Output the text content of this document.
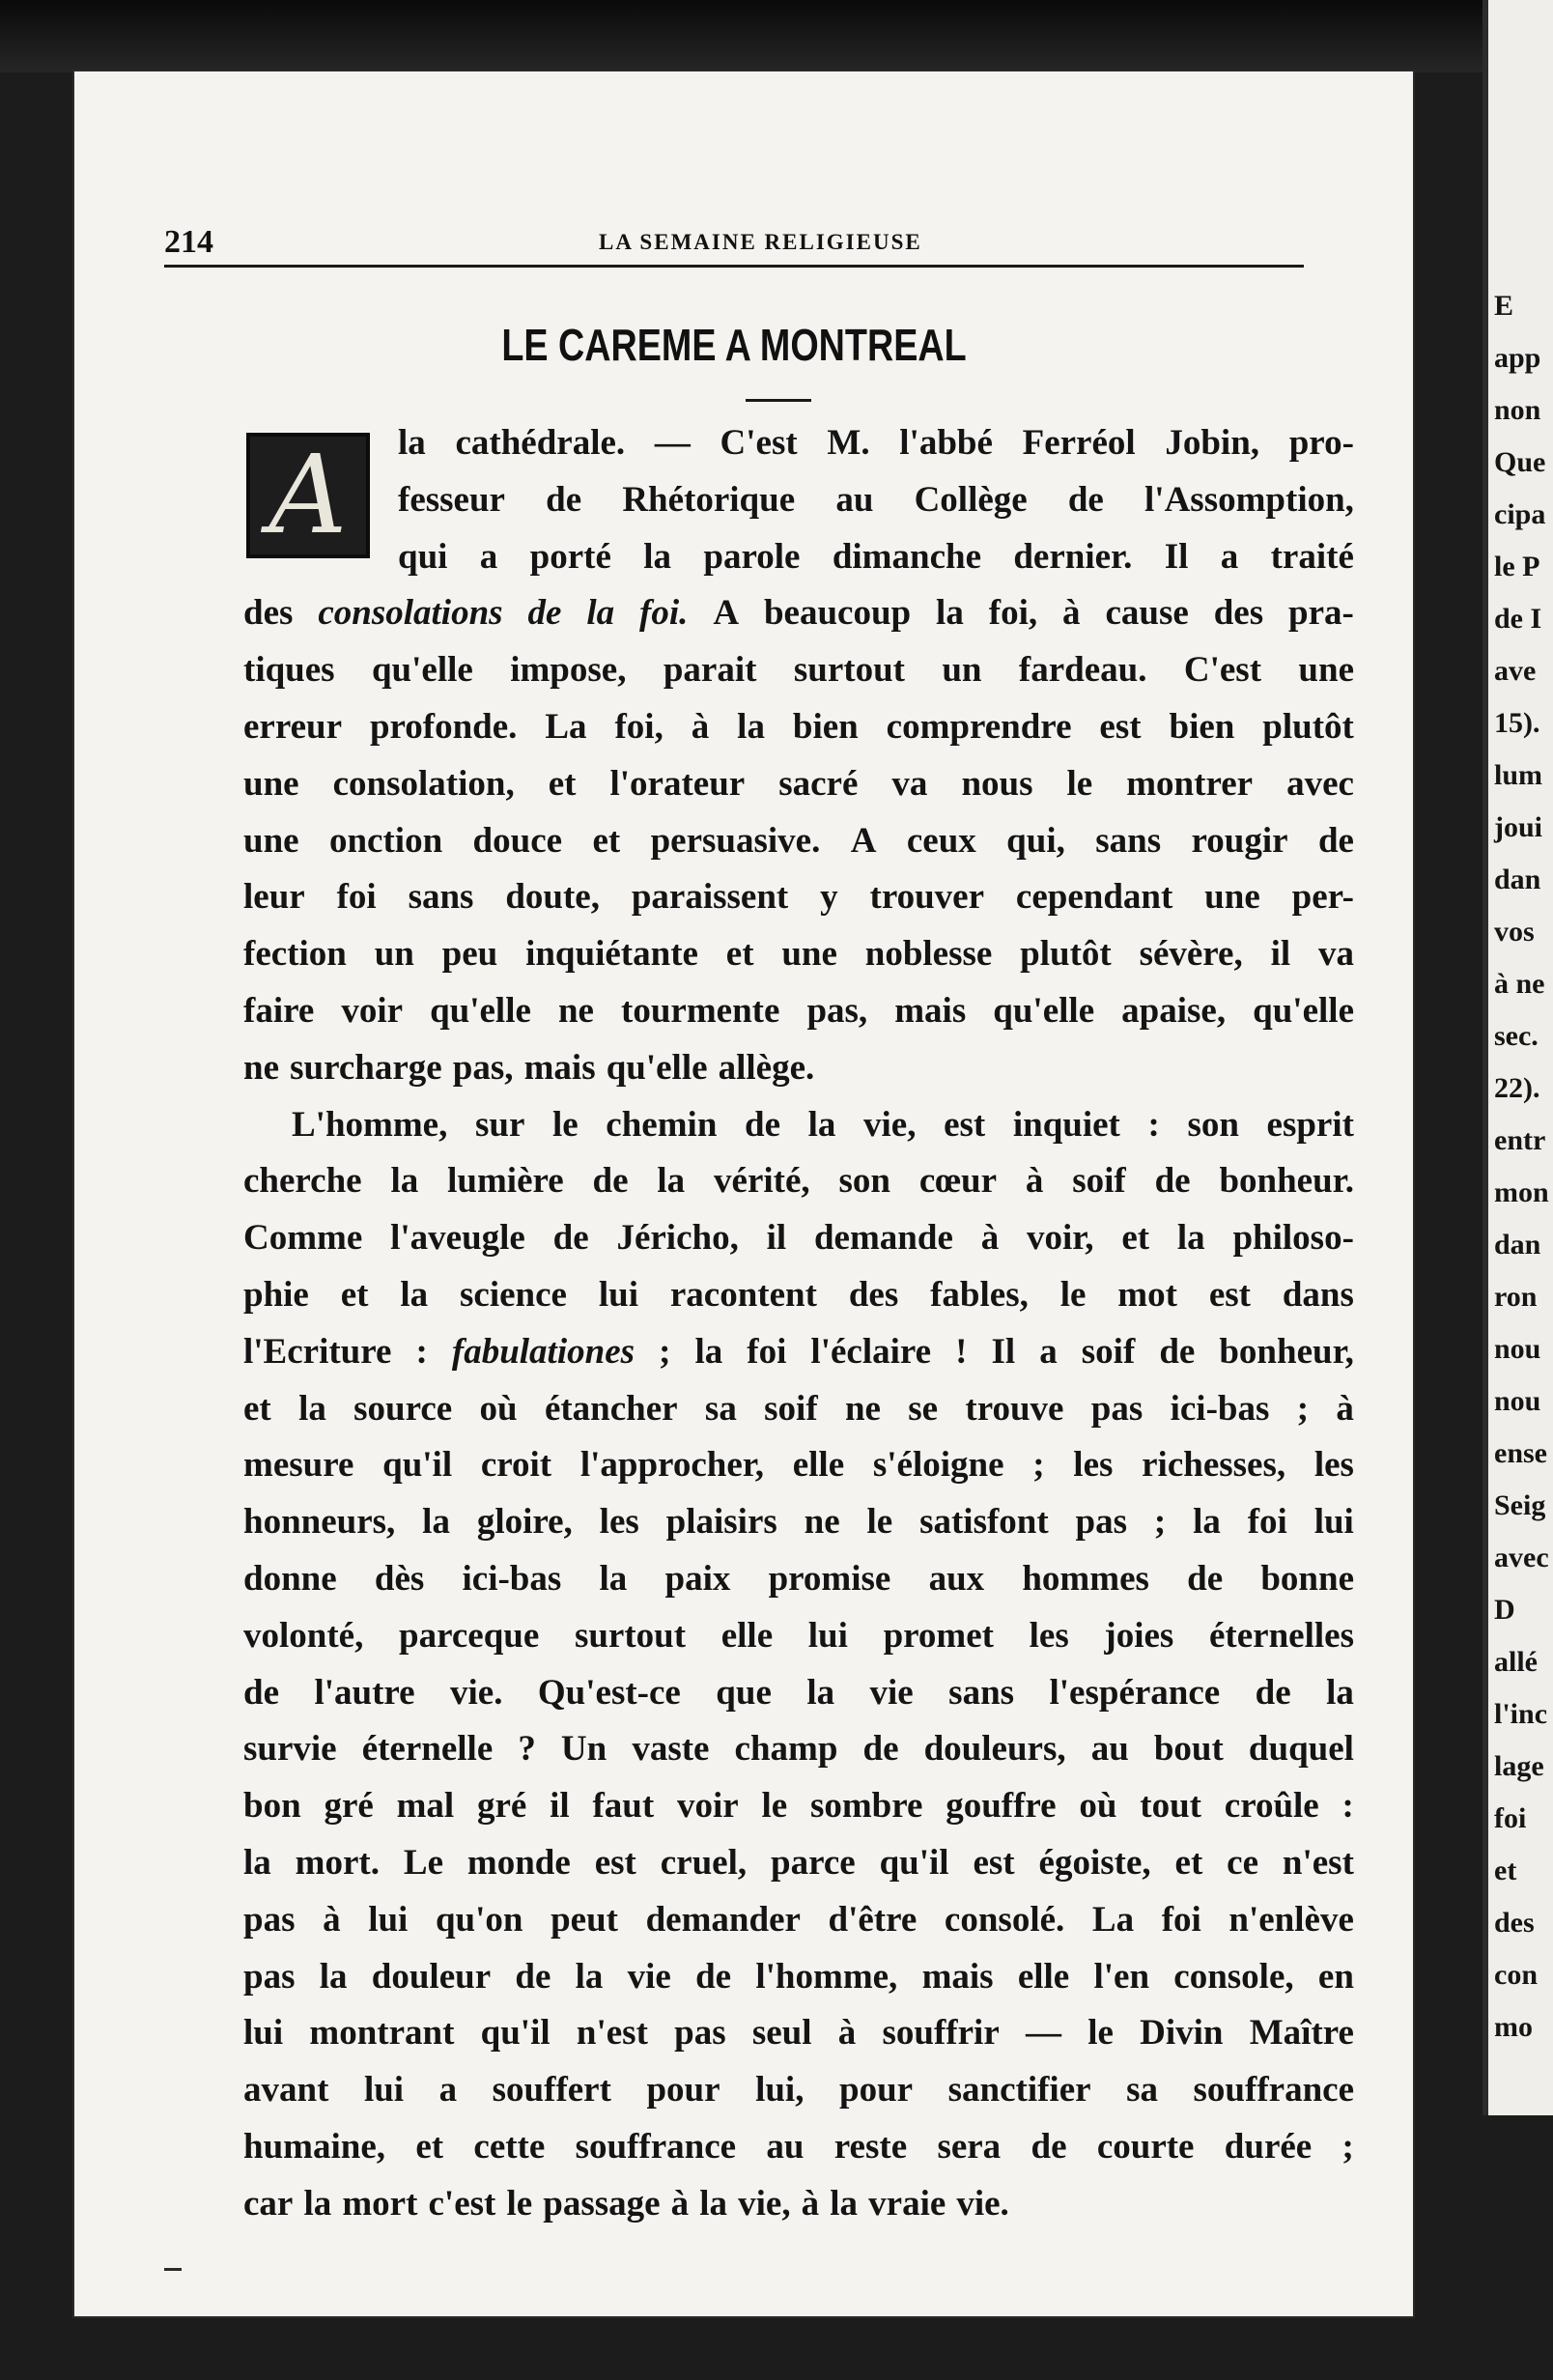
E
app
non
Que
cipa
le P
de I
ave
15).
lum
joui
dan
vos
à ne
sec.
22).
entr
mon
dan
ron
nou
nou
ense
Seig
avec
D
allé
l'inc
lage
foi
et
des
con
mo
214	LA SEMAINE RELIGIEUSE
LE CAREME A MONTREAL
la cathédrale. — C'est M. l'abbé Ferréol Jobin, pro-
fesseur de Rhétorique au Collège de l'Assomption,
qui a porté la parole dimanche dernier. Il a traité
des consolations de la foi. A beaucoup la foi, à cause des pra-
tiques qu'elle impose, parait surtout un fardeau. C'est une
erreur profonde. La foi, à la bien comprendre est bien plutôt
une consolation, et l'orateur sacré va nous le montrer avec
une onction douce et persuasive. A ceux qui, sans rougir de
leur foi sans doute, paraissent y trouver cependant une per-
fection un peu inquiétante et une noblesse plutôt sévère, il va
faire voir qu'elle ne tourmente pas, mais qu'elle apaise, qu'elle
ne surcharge pas, mais qu'elle allège.
L'homme, sur le chemin de la vie, est inquiet : son esprit
cherche la lumière de la vérité, son cœur à soif de bonheur.
Comme l'aveugle de Jéricho, il demande à voir, et la philoso-
phie et la science lui racontent des fables, le mot est dans
l'Ecriture : fabulationes ; la foi l'éclaire ! Il a soif de bonheur,
et la source où étancher sa soif ne se trouve pas ici-bas ; à
mesure qu'il croit l'approcher, elle s'éloigne ; les richesses, les
honneurs, la gloire, les plaisirs ne le satisfont pas ; la foi lui
donne dès ici-bas la paix promise aux hommes de bonne
volonté, parceque surtout elle lui promet les joies éternelles
de l'autre vie. Qu'est-ce que la vie sans l'espérance de la
survie éternelle ? Un vaste champ de douleurs, au bout duquel
bon gré mal gré il faut voir le sombre gouffre où tout croûle :
la mort. Le monde est cruel, parce qu'il est égoiste, et ce n'est
pas à lui qu'on peut demander d'être consolé. La foi n'enlève
pas la douleur de la vie de l'homme, mais elle l'en console, en
lui montrant qu'il n'est pas seul à souffrir — le Divin Maître
avant lui a souffert pour lui, pour sanctifier sa souffrance
humaine, et cette souffrance au reste sera de courte durée ;
car la mort c'est le passage à la vie, à la vraie vie.
A
